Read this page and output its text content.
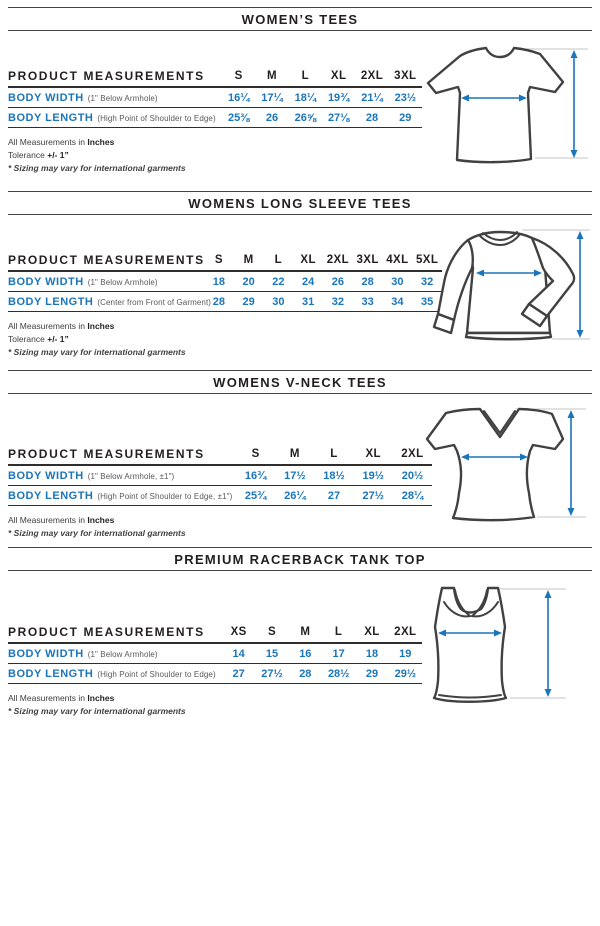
WOMEN’S TEES
PRODUCT MEASUREMENTS	S	M	L	XL	2XL 3XL
BODY WIDTH (1" Below Armhole)	16¼	17¼	18¼	19¾	21¼	23½
BODY LENGTH (High Point of Shoulder to Edge)	25⅜	26	26⅝	27⅛	28	29
All Measurements in Inches
Tolerance +/- 1”
* Sizing may vary for international garments
WOMENS LONG SLEEVE TEES
PRODUCT MEASUREMENTS S	M	L	XL 2XL 3XL 4XL 5XL
BODY WIDTH (1" Below Armhole)	18	20	22	24	26	28	30	32
BODY LENGTH (Center from Front of Garment) 28	29	30	31	32	33	34	35
All Measurements in Inches
Tolerance +/- 1”
* Sizing may vary for international garments
WOMENS V-NECK TEES
PRODUCT MEASUREMENTS	S	M	L	XL	2XL
BODY WIDTH (1" Below Armhole, ±1")	16¾	17½	18½	19½	20½
BODY LENGTH (High Point of Shoulder to Edge, ±1")	25¾	26¼	27	27½	28¼
All Measurements in Inches
* Sizing may vary for international garments
PREMIUM RACERBACK TANK TOP
PRODUCT MEASUREMENTS	XS	S	M	L	XL	2XL
BODY WIDTH (1" Below Armhole)	14	15	16	17	18	19
BODY LENGTH (High Point of Shoulder to Edge)	27	27½	28	28½	29	29½
All Measurements in Inches
* Sizing may vary for international garments
